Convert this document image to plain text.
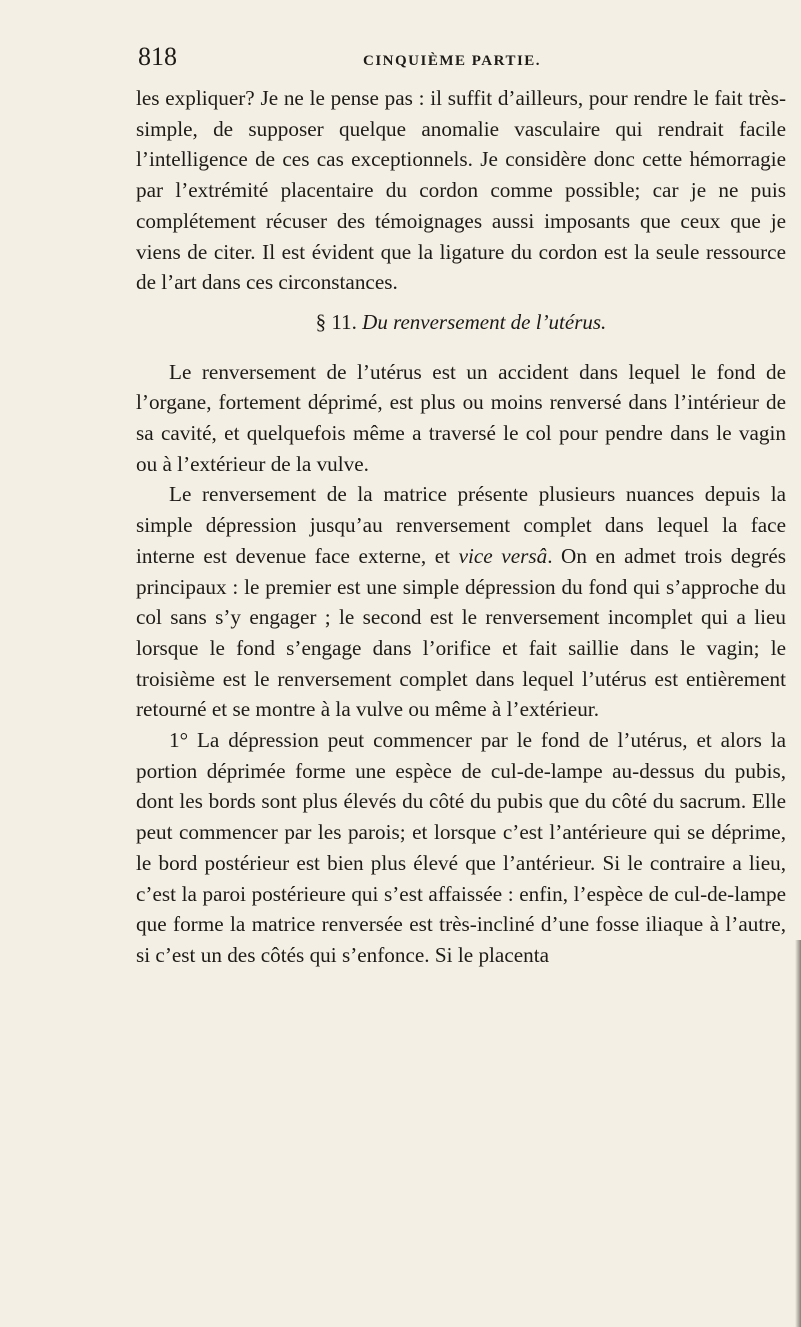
818	CINQUIÈME PARTIE.

les expliquer? Je ne le pense pas : il suffit d’ailleurs, pour rendre le fait très-simple, de supposer quelque anomalie vasculaire qui rendrait facile l’intelligence de ces cas exceptionnels. Je considère donc cette hémorragie par l’extrémité placentaire du cordon comme possible; car je ne puis complétement récuser des témoignages aussi imposants que ceux que je viens de citer. Il est évident que la ligature du cordon est la seule ressource de l’art dans ces circonstances.

§ 11. Du renversement de l’utérus.

Le renversement de l’utérus est un accident dans lequel le fond de l’organe, fortement déprimé, est plus ou moins renversé dans l’intérieur de sa cavité, et quelquefois même a traversé le col pour pendre dans le vagin ou à l’extérieur de la vulve.

Le renversement de la matrice présente plusieurs nuances depuis la simple dépression jusqu’au renversement complet dans lequel la face interne est devenue face externe, et vice versâ. On en admet trois degrés principaux : le premier est une simple dépression du fond qui s’approche du col sans s’y engager ; le second est le renversement incomplet qui a lieu lorsque le fond s’engage dans l’orifice et fait saillie dans le vagin; le troisième est le renversement complet dans lequel l’utérus est entièrement retourné et se montre à la vulve ou même à l’extérieur.

1° La dépression peut commencer par le fond de l’utérus, et alors la portion déprimée forme une espèce de cul-de-lampe au-dessus du pubis, dont les bords sont plus élevés du côté du pubis que du côté du sacrum. Elle peut commencer par les parois; et lorsque c’est l’antérieure qui se déprime, le bord postérieur est bien plus élevé que l’antérieur. Si le contraire a lieu, c’est la paroi postérieure qui s’est affaissée : enfin, l’espèce de cul-de-lampe que forme la matrice renversée est très-incliné d’une fosse iliaque à l’autre, si c’est un des côtés qui s’enfonce. Si le placenta
